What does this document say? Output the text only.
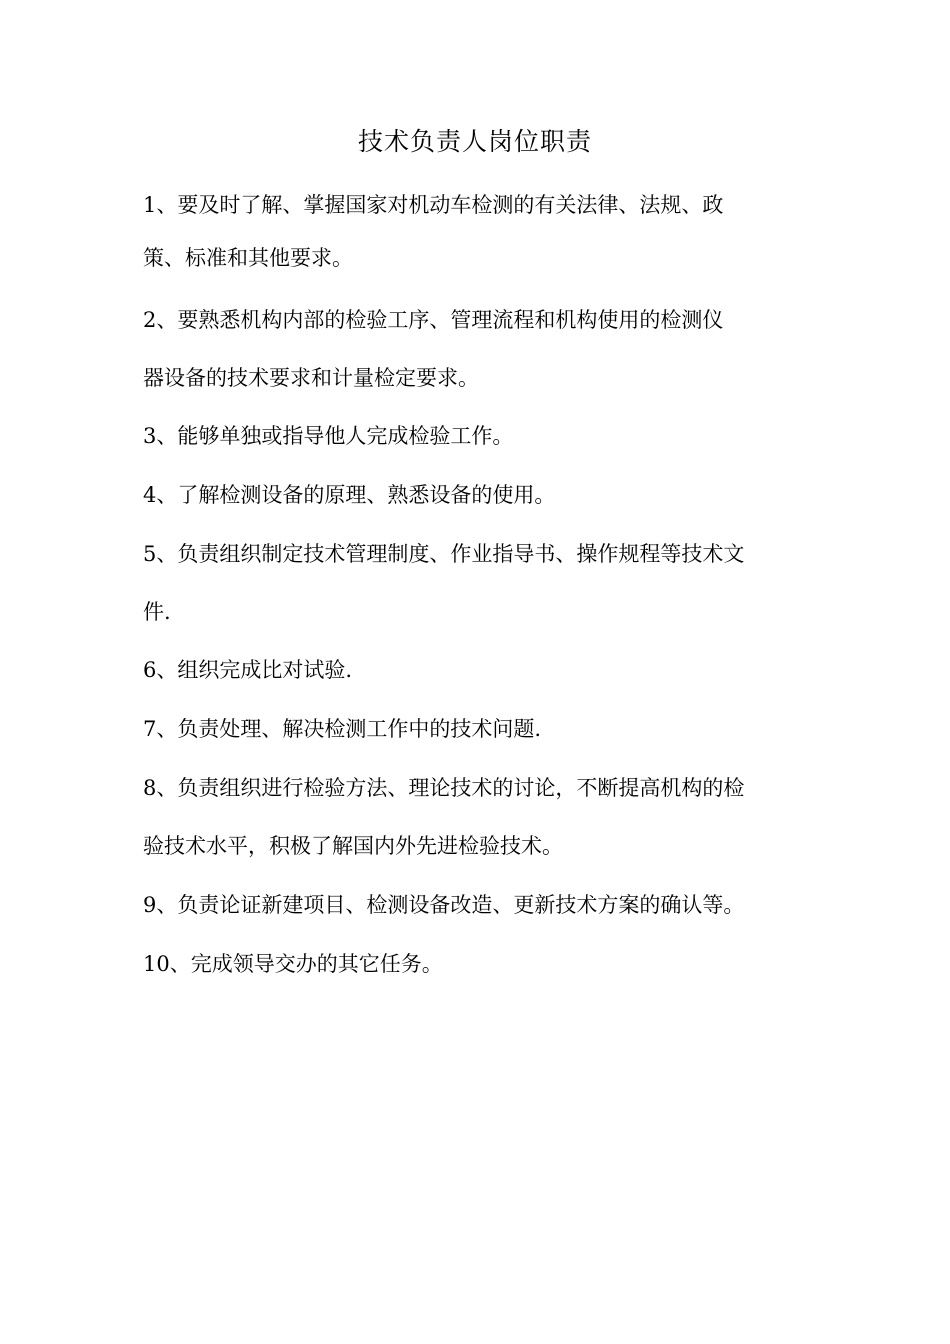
技术负责人岗位职责

1、要及时了解、掌握国家对机动车检测的有关法律、法规、政

策、标准和其他要求。

2、要熟悉机构内部的检验工序、管理流程和机构使用的检测仪

器设备的技术要求和计量检定要求。

3、能够单独或指导他人完成检验工作。

4、了解检测设备的原理、熟悉设备的使用。

5、负责组织制定技术管理制度、作业指导书、操作规程等技术文

件.

6、组织完成比对试验.

7、负责处理、解决检测工作中的技术问题.

8、负责组织进行检验方法、理论技术的讨论，不断提高机构的检

验技术水平，积极了解国内外先进检验技术。

9、负责论证新建项目、检测设备改造、更新技术方案的确认等。

10、完成领导交办的其它任务。
